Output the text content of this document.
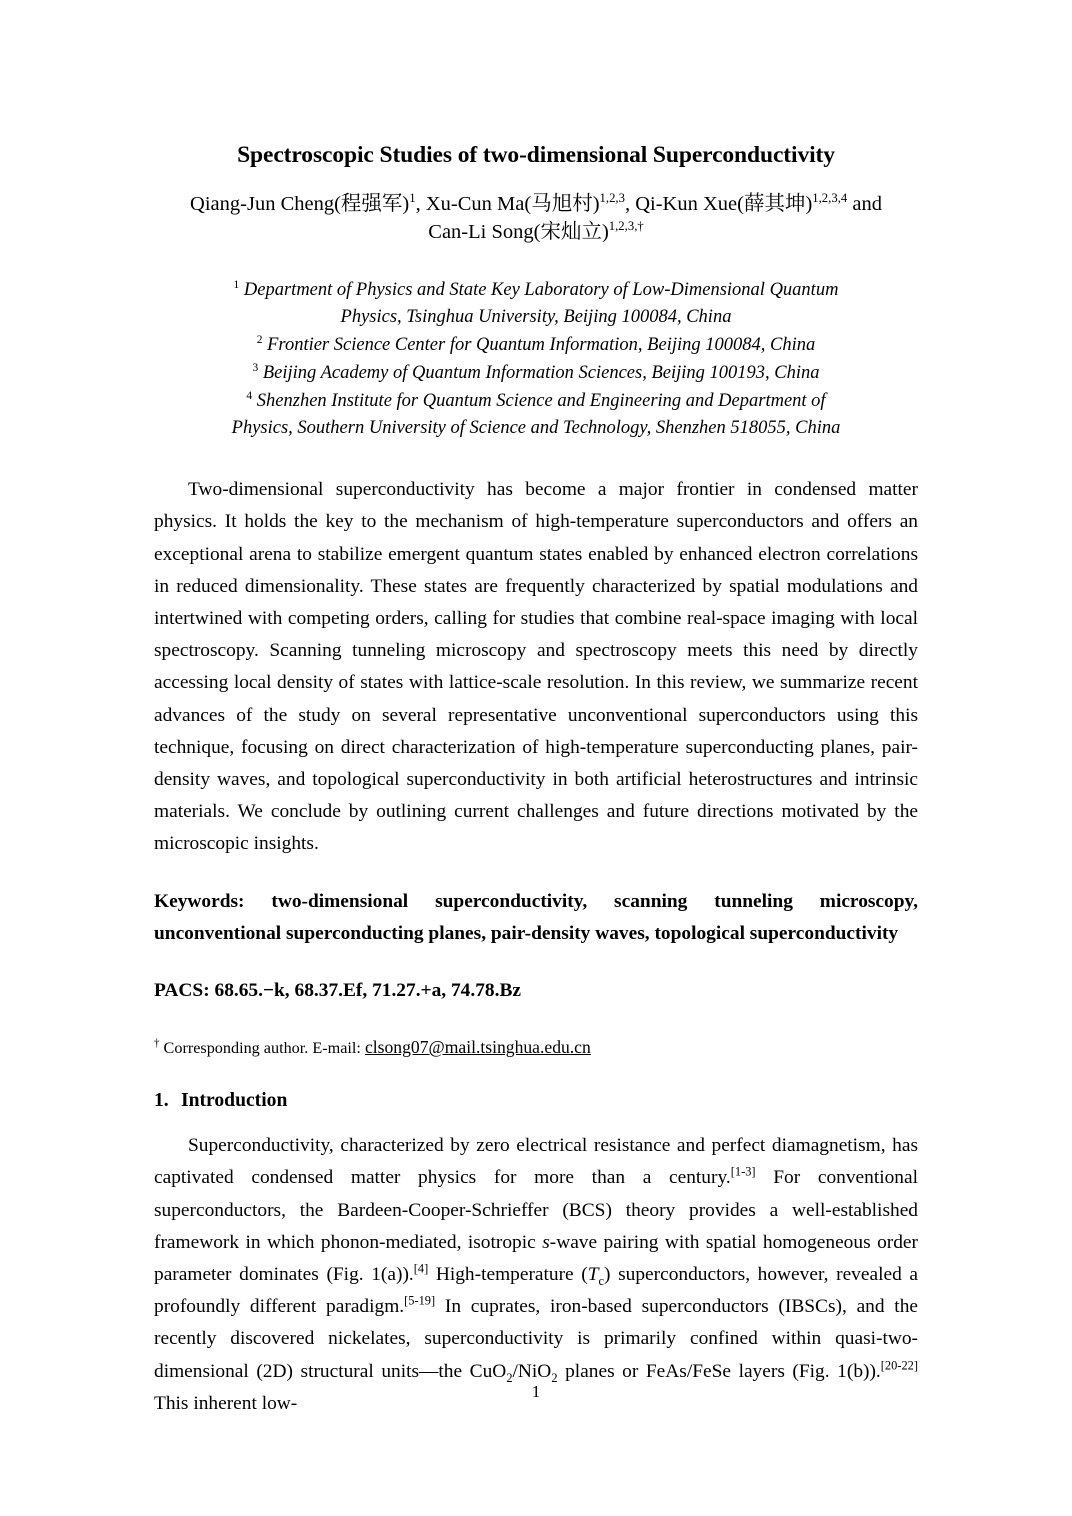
Spectroscopic Studies of two-dimensional Superconductivity
Qiang-Jun Cheng(程强军)$^1$, Xu-Cun Ma(马旭村)$^{1,2,3}$, Qi-Kun Xue(薛其坤)$^{1,2,3,4}$ and
Can-Li Song(宋灿立)$^{1,2,3,\dagger}$
$^1$ Department of Physics and State Key Laboratory of Low-Dimensional Quantum
Physics, Tsinghua University, Beijing 100084, China
$^2$ Frontier Science Center for Quantum Information, Beijing 100084, China
$^3$ Beijing Academy of Quantum Information Sciences, Beijing 100193, China
$^4$ Shenzhen Institute for Quantum Science and Engineering and Department of
Physics, Southern University of Science and Technology, Shenzhen 518055, China

Two-dimensional superconductivity has become a major frontier in condensed matter physics. It holds the key to the mechanism of high-temperature superconductors and offers an exceptional arena to stabilize emergent quantum states enabled by enhanced electron correlations in reduced dimensionality. These states are frequently characterized by spatial modulations and intertwined with competing orders, calling for studies that combine real-space imaging with local spectroscopy. Scanning tunneling microscopy and spectroscopy meets this need by directly accessing local density of states with lattice-scale resolution. In this review, we summarize recent advances of the study on several representative unconventional superconductors using this technique, focusing on direct characterization of high-temperature superconducting planes, pair-density waves, and topological superconductivity in both artificial heterostructures and intrinsic materials. We conclude by outlining current challenges and future directions motivated by the microscopic insights.

Keywords: two-dimensional superconductivity, scanning tunneling microscopy, unconventional superconducting planes, pair-density waves, topological superconductivity

PACS: 68.65.−k, 68.37.Ef, 71.27.+a, 74.78.Bz

† Corresponding author. E-mail: clsong07@mail.tsinghua.edu.cn

1. Introduction

Superconductivity, characterized by zero electrical resistance and perfect diamagnetism, has captivated condensed matter physics for more than a century.[1-3] For conventional superconductors, the Bardeen-Cooper-Schrieffer (BCS) theory provides a well-established framework in which phonon-mediated, isotropic s-wave pairing with spatial homogeneous order parameter dominates (Fig. 1(a)).[4] High-temperature $(T_c)$ superconductors, however, revealed a profoundly different paradigm.[5-19] In cuprates, iron-based superconductors (IBSCs), and the recently discovered nickelates, superconductivity is primarily confined within quasi-two-dimensional (2D) structural units—the CuO$_2$/NiO$_2$ planes or FeAs/FeSe layers (Fig. 1(b)).[20-22] This inherent low-

1
